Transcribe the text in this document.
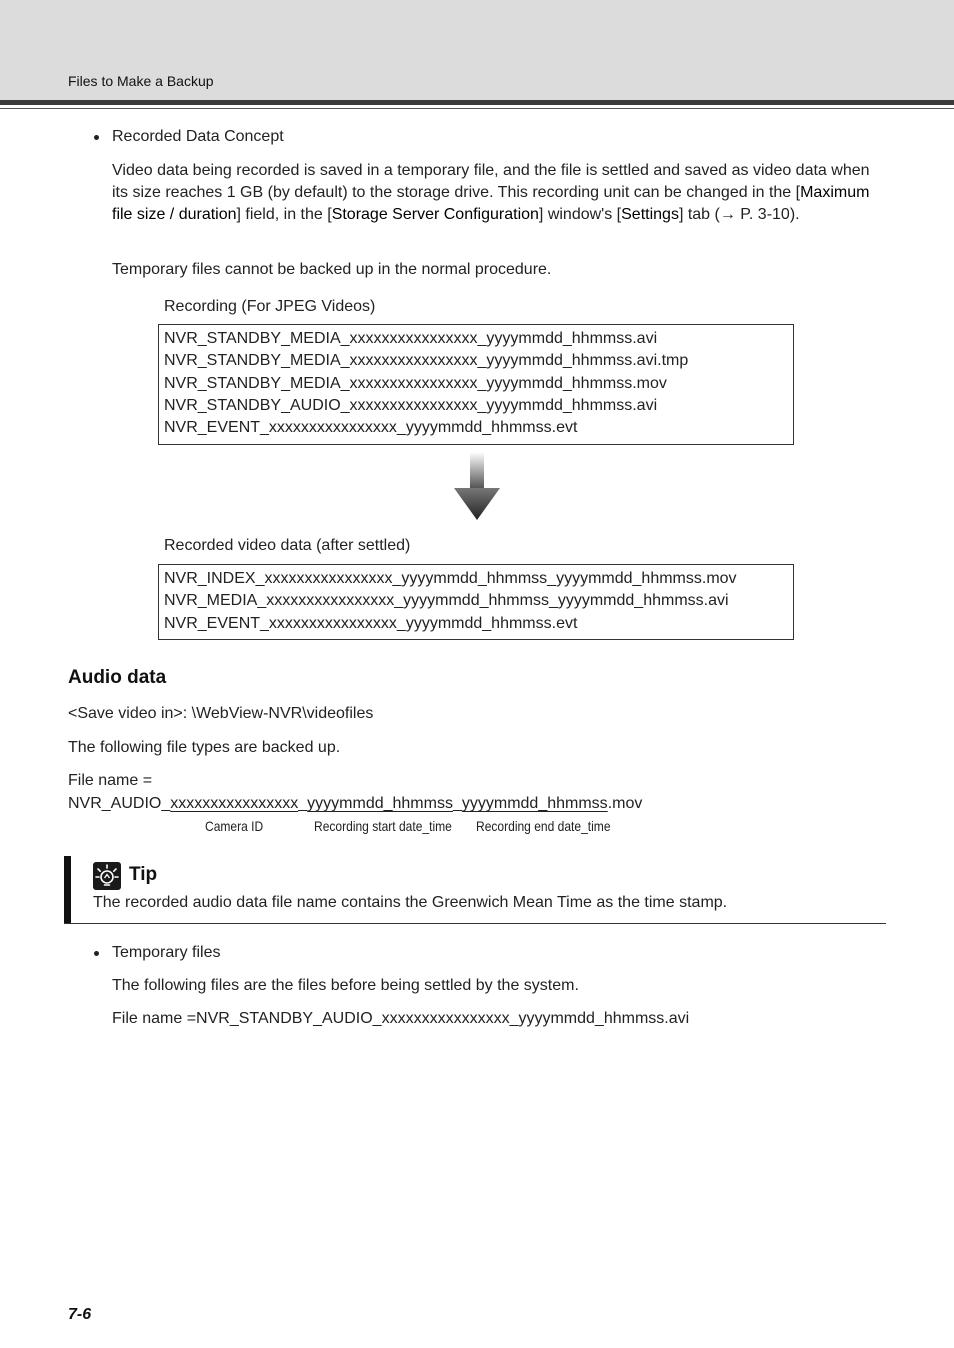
Files to Make a Backup
Recorded Data Concept
Video data being recorded is saved in a temporary file, and the file is settled and saved as video data when its size reaches 1 GB (by default) to the storage drive. This recording unit can be changed in the [Maximum file size / duration] field, in the [Storage Server Configuration] window's [Settings] tab (→ P. 3-10).
Temporary files cannot be backed up in the normal procedure.
Recording (For JPEG Videos)
NVR_STANDBY_MEDIA_xxxxxxxxxxxxxxxx_yyyymmdd_hhmmss.avi
NVR_STANDBY_MEDIA_xxxxxxxxxxxxxxxx_yyyymmdd_hhmmss.avi.tmp
NVR_STANDBY_MEDIA_xxxxxxxxxxxxxxxx_yyyymmdd_hhmmss.mov
NVR_STANDBY_AUDIO_xxxxxxxxxxxxxxxx_yyyymmdd_hhmmss.avi
NVR_EVENT_xxxxxxxxxxxxxxxx_yyyymmdd_hhmmss.evt
Recorded video data (after settled)
NVR_INDEX_xxxxxxxxxxxxxxxx_yyyymmdd_hhmmss_yyyymmdd_hhmmss.mov
NVR_MEDIA_xxxxxxxxxxxxxxxx_yyyymmdd_hhmmss_yyyymmdd_hhmmss.avi
NVR_EVENT_xxxxxxxxxxxxxxxx_yyyymmdd_hhmmss.evt
Audio data
<Save video in>: \WebView-NVR\videofiles
The following file types are backed up.
File name =
NVR_AUDIO_xxxxxxxxxxxxxxxx_yyyymmdd_hhmmss_yyyymmdd_hhmmss.mov
Camera ID	Recording start date_time Recording end date_time
Tip
The recorded audio data file name contains the Greenwich Mean Time as the time stamp.
Temporary files
The following files are the files before being settled by the system.
File name =NVR_STANDBY_AUDIO_xxxxxxxxxxxxxxxx_yyyymmdd_hhmmss.avi
7-6
